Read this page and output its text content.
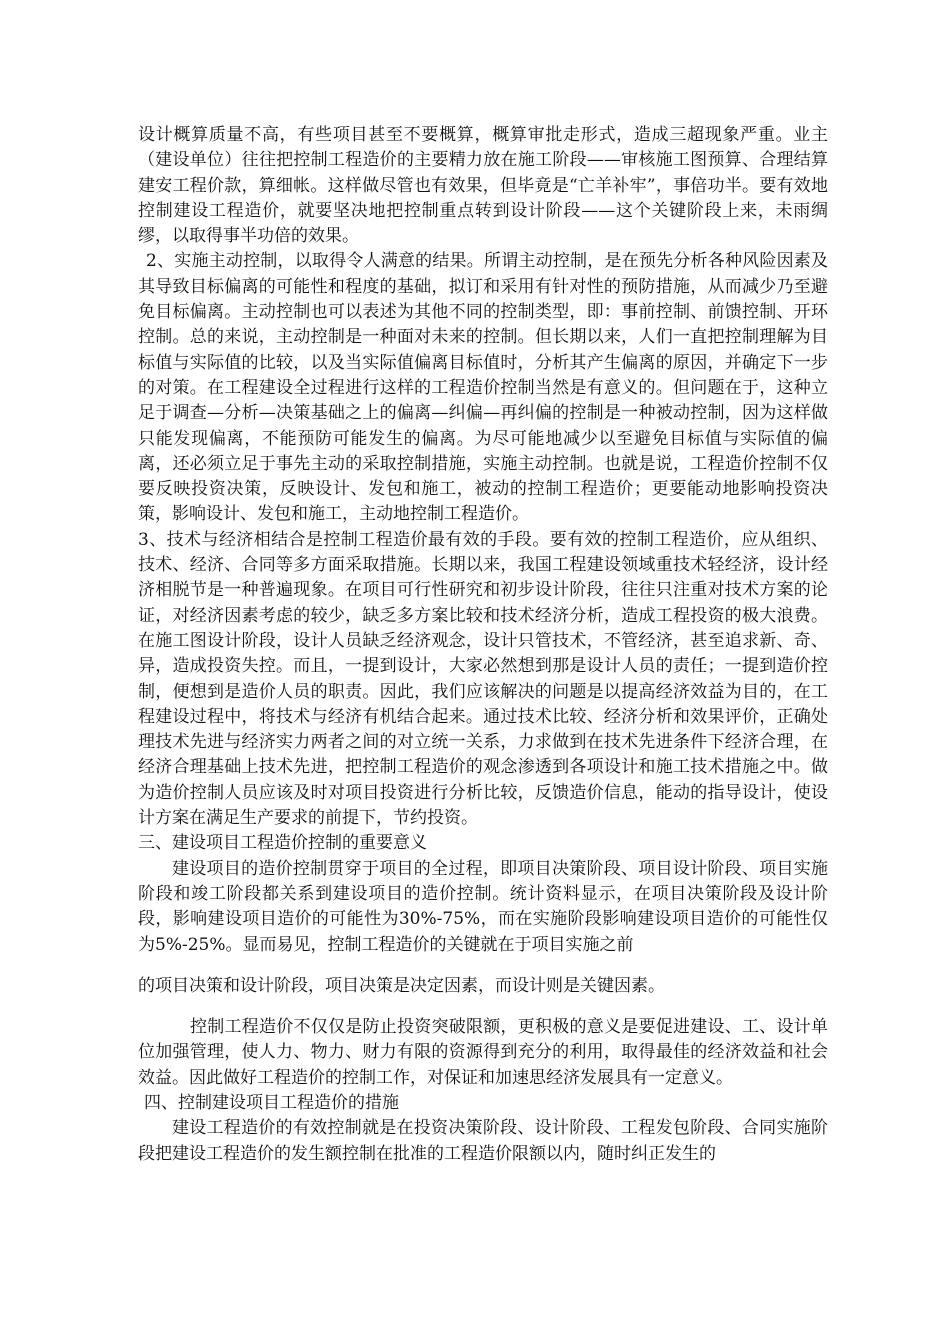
设计概算质量不高，有些项目甚至不要概算，概算审批走形式，造成三超现象严重。业主（建设单位）往往把控制工程造价的主要精力放在施工阶段——审核施工图预算、合理结算建安工程价款，算细帐。这样做尽管也有效果，但毕竟是“亡羊补牢”，事倍功半。要有效地控制建设工程造价，就要坚决地把控制重点转到设计阶段——这个关键阶段上来，未雨绸缪，以取得事半功倍的效果。

2、实施主动控制，以取得令人满意的结果。所谓主动控制，是在预先分析各种风险因素及其导致目标偏离的可能性和程度的基础，拟订和采用有针对性的预防措施，从而减少乃至避免目标偏离。主动控制也可以表述为其他不同的控制类型，即：事前控制、前馈控制、开环控制。总的来说，主动控制是一种面对未来的控制。但长期以来，人们一直把控制理解为目标值与实际值的比较，以及当实际值偏离目标值时，分析其产生偏离的原因，并确定下一步的对策。在工程建设全过程进行这样的工程造价控制当然是有意义的。但问题在于，这种立足于调查—分析—决策基础之上的偏离—纠偏—再纠偏的控制是一种被动控制，因为这样做只能发现偏离，不能预防可能发生的偏离。为尽可能地减少以至避免目标值与实际值的偏离，还必须立足于事先主动的采取控制措施，实施主动控制。也就是说，工程造价控制不仅要反映投资决策，反映设计、发包和施工，被动的控制工程造价；更要能动地影响投资决策，影响设计、发包和施工，主动地控制工程造价。

3、技术与经济相结合是控制工程造价最有效的手段。要有效的控制工程造价，应从组织、技术、经济、合同等多方面采取措施。长期以来，我国工程建设领域重技术轻经济，设计经济相脱节是一种普遍现象。在项目可行性研究和初步设计阶段，往往只注重对技术方案的论证，对经济因素考虑的较少，缺乏多方案比较和技术经济分析，造成工程投资的极大浪费。在施工图设计阶段，设计人员缺乏经济观念，设计只管技术，不管经济，甚至追求新、奇、异，造成投资失控。而且，一提到设计，大家必然想到那是设计人员的责任；一提到造价控制，便想到是造价人员的职责。因此，我们应该解决的问题是以提高经济效益为目的，在工程建设过程中，将技术与经济有机结合起来。通过技术比较、经济分析和效果评价，正确处理技术先进与经济实力两者之间的对立统一关系，力求做到在技术先进条件下经济合理，在经济合理基础上技术先进，把控制工程造价的观念渗透到各项设计和施工技术措施之中。做为造价控制人员应该及时对项目投资进行分析比较，反馈造价信息，能动的指导设计，使设计方案在满足生产要求的前提下，节约投资。

三、建设项目工程造价控制的重要意义

建设项目的造价控制贯穿于项目的全过程，即项目决策阶段、项目设计阶段、项目实施阶段和竣工阶段都关系到建设项目的造价控制。统计资料显示，在项目决策阶段及设计阶段，影响建设项目造价的可能性为30%-75%，而在实施阶段影响建设项目造价的可能性仅为5%-25%。显而易见，控制工程造价的关键就在于项目实施之前

的项目决策和设计阶段，项目决策是决定因素，而设计则是关键因素。

控制工程造价不仅仅是防止投资突破限额，更积极的意义是要促进建设、工、设计单位加强管理，使人力、物力、财力有限的资源得到充分的利用，取得最佳的经济效益和社会效益。因此做好工程造价的控制工作，对保证和加速思经济发展具有一定意义。

四、控制建设项目工程造价的措施

建设工程造价的有效控制就是在投资决策阶段、设计阶段、工程发包阶段、合同实施阶段把建设工程造价的发生额控制在批准的工程造价限额以内，随时纠正发生的
